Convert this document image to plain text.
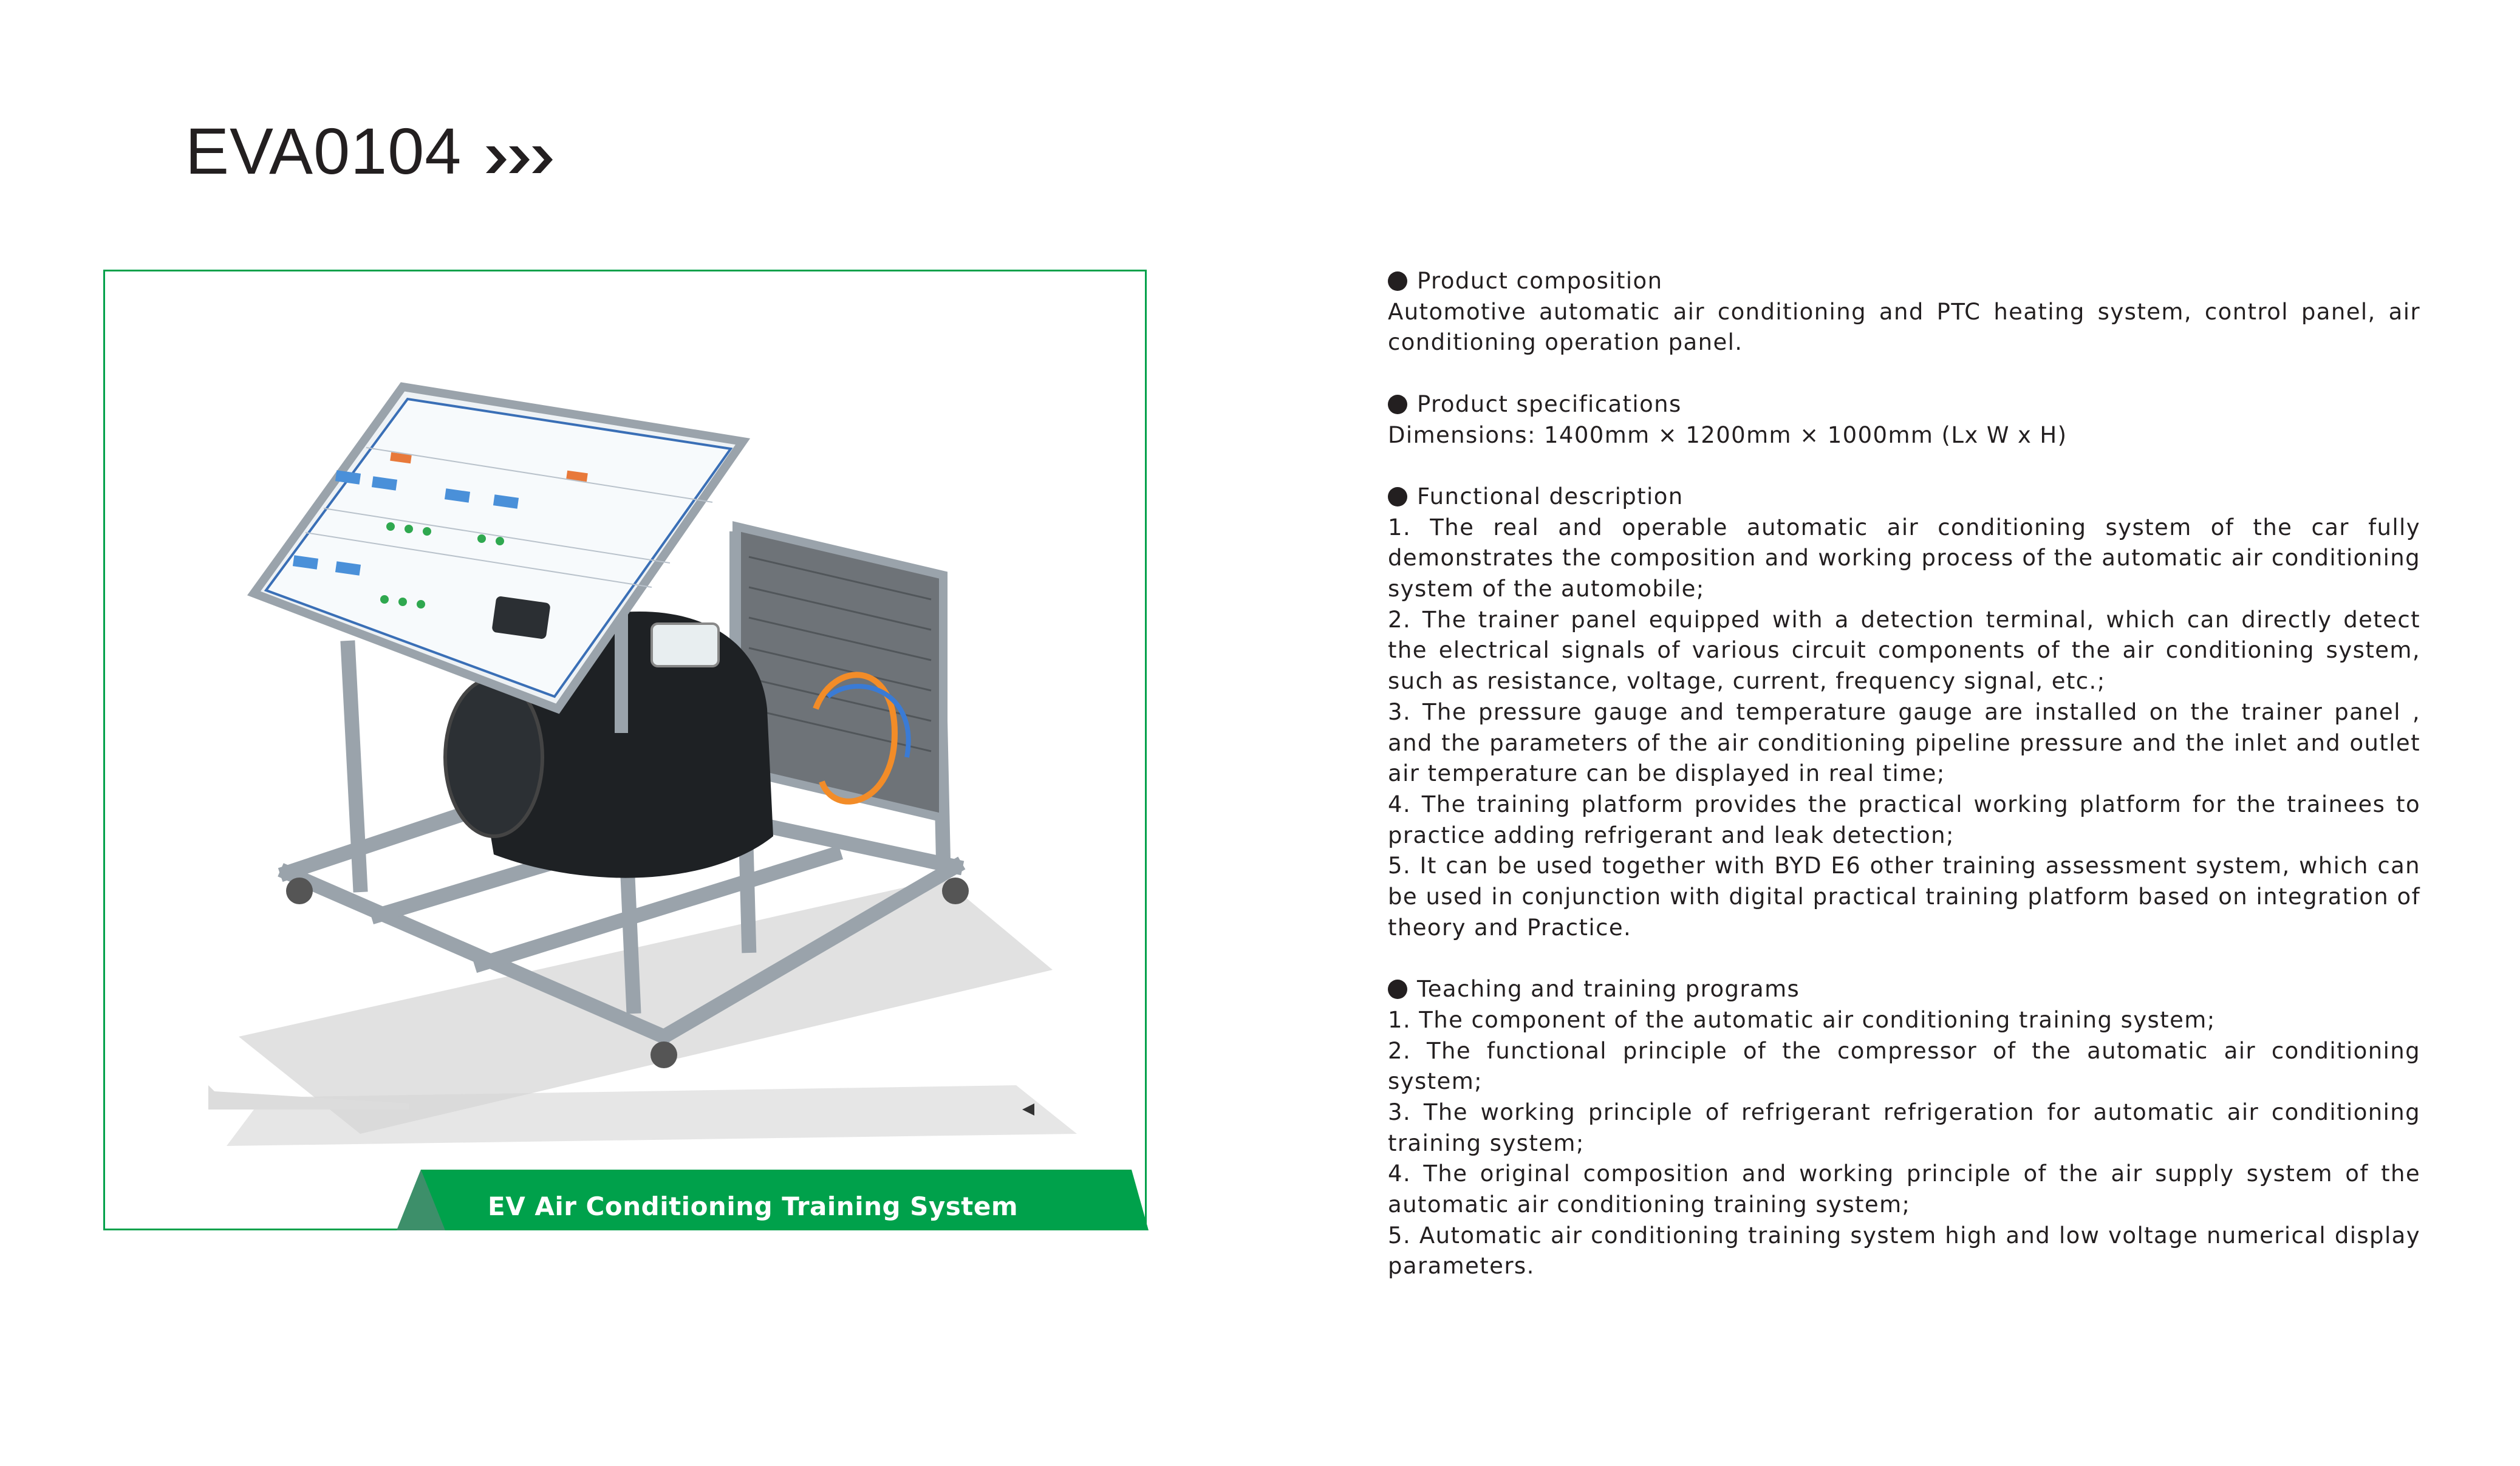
EVA0104
EV Air Conditioning Training System
Product composition
Automotive automatic air conditioning and PTC heating system, control panel, air conditioning operation panel.
Product specifications
Dimensions: 1400mm × 1200mm × 1000mm (Lx W x H)
Functional description
1. The real and operable automatic air conditioning system of the car fully demonstrates the composition and working process of the automatic air conditioning system of the automobile;
2. The trainer panel equipped with a detection terminal, which can directly detect the electrical signals of various circuit components of the air conditioning system, such as resistance, voltage, current, frequency signal, etc.;
3. The pressure gauge and temperature gauge are installed on the trainer panel , and the parameters of the air conditioning pipeline pressure and the inlet and outlet air temperature can be displayed in real time;
4. The training platform provides the practical working platform for the trainees to practice adding refrigerant and leak detection;
5. It can be used together with BYD E6 other training assessment system, which can be used in conjunction with digital practical training platform based on integration of theory and Practice.
Teaching and training programs
1. The component of the automatic air conditioning training system;
2. The functional principle of the compressor of the automatic air conditioning system;
3. The working principle of refrigerant refrigeration for automatic air conditioning training system;
4. The original composition and working principle of the air supply system of the automatic air conditioning training system;
5. Automatic air conditioning training system high and low voltage numerical display parameters.
